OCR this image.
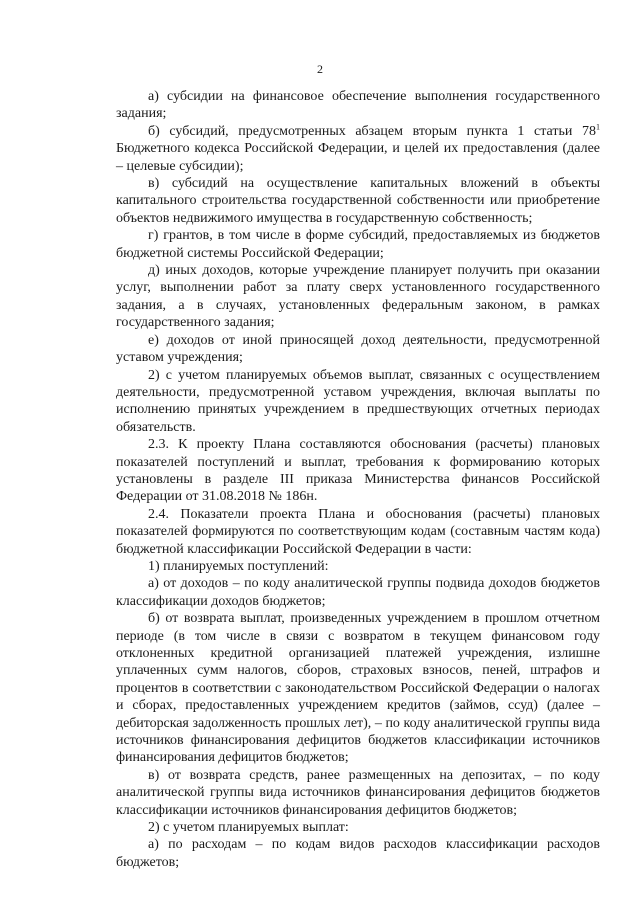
2

а) субсидии на финансовое обеспечение выполнения государственного задания;

б) субсидий, предусмотренных абзацем вторым пункта 1 статьи $78^1$ Бюджетного кодекса Российской Федерации, и целей их предоставления (далее – целевые субсидии);

в) субсидий на осуществление капитальных вложений в объекты капитального строительства государственной собственности или приобретение объектов недвижимого имущества в государственную собственность;

г) грантов, в том числе в форме субсидий, предоставляемых из бюджетов бюджетной системы Российской Федерации;

д) иных доходов, которые учреждение планирует получить при оказании услуг, выполнении работ за плату сверх установленного государственного задания, а в случаях, установленных федеральным законом, в рамках государственного задания;

е) доходов от иной приносящей доход деятельности, предусмотренной уставом учреждения;

2) с учетом планируемых объемов выплат, связанных с осуществлением деятельности, предусмотренной уставом учреждения, включая выплаты по исполнению принятых учреждением в предшествующих отчетных периодах обязательств.

2.3. К проекту Плана составляются обоснования (расчеты) плановых показателей поступлений и выплат, требования к формированию которых установлены в разделе III приказа Министерства финансов Российской Федерации от 31.08.2018 № 186н.

2.4. Показатели проекта Плана и обоснования (расчеты) плановых показателей формируются по соответствующим кодам (составным частям кода) бюджетной классификации Российской Федерации в части:

1) планируемых поступлений:

а) от доходов – по коду аналитической группы подвида доходов бюджетов классификации доходов бюджетов;

б) от возврата выплат, произведенных учреждением в прошлом отчетном периоде (в том числе в связи с возвратом в текущем финансовом году отклоненных кредитной организацией платежей учреждения, излишне уплаченных сумм налогов, сборов, страховых взносов, пеней, штрафов и процентов в соответствии с законодательством Российской Федерации о налогах и сборах, предоставленных учреждением кредитов (займов, ссуд) (далее – дебиторская задолженность прошлых лет), – по коду аналитической группы вида источников финансирования дефицитов бюджетов классификации источников финансирования дефицитов бюджетов;

в) от возврата средств, ранее размещенных на депозитах, – по коду аналитической группы вида источников финансирования дефицитов бюджетов классификации источников финансирования дефицитов бюджетов;

2) с учетом планируемых выплат:

а) по расходам – по кодам видов расходов классификации расходов бюджетов;
